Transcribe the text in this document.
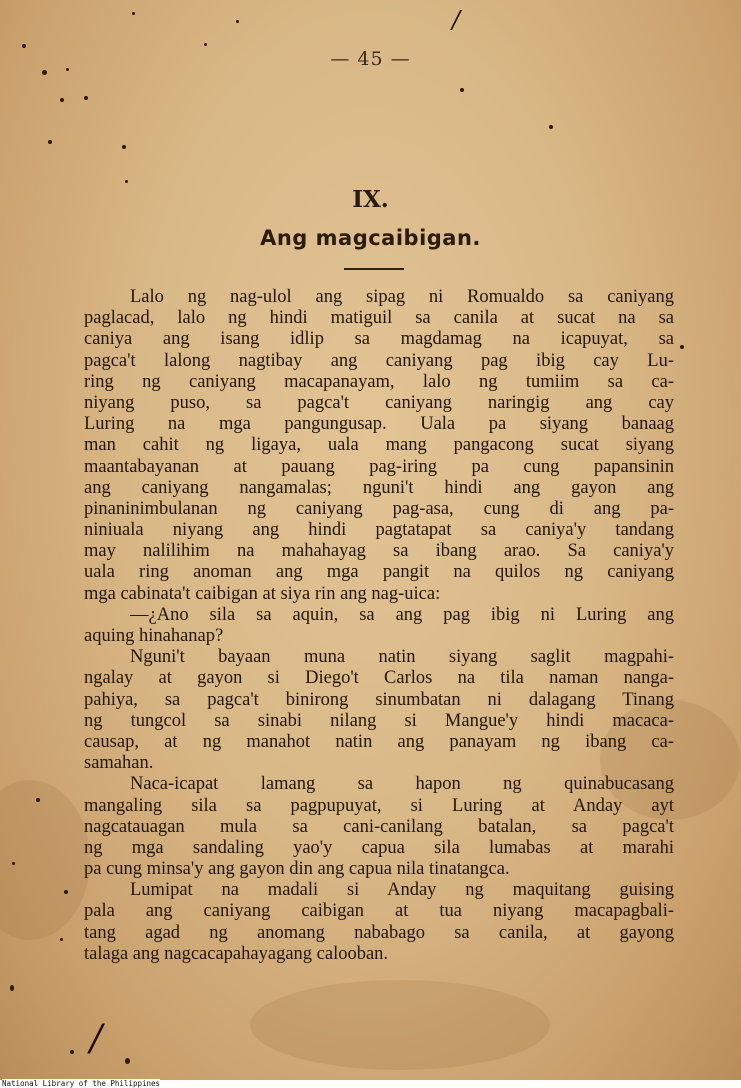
/
/
— 45 —
IX.
Ang magcaibigan.
Lalo ng nag-ulol ang sipag ni Romualdo sa caniyang
paglacad, lalo ng hindi matiguil sa canila at sucat na sa
caniya ang isang idlip sa magdamag na icapuyat, sa
pagca't lalong nagtibay ang caniyang pag ibig cay Lu-
ring ng caniyang macapanayam, lalo ng tumiim sa ca-
niyang puso, sa pagca't caniyang naringig ang cay
Luring na mga pangungusap. Uala pa siyang banaag
man cahit ng ligaya, uala mang pangacong sucat siyang
maantabayanan at pauang pag-iring pa cung papansinin
ang caniyang nangamalas; nguni't hindi ang gayon ang
pinaninimbulanan ng caniyang pag-asa, cung di ang pa-
niniuala niyang ang hindi pagtatapat sa caniya'y tandang
may nalilihim na mahahayag sa ibang arao. Sa caniya'y
uala ring anoman ang mga pangit na quilos ng caniyang
mga cabinata't caibigan at siya rin ang nag-uica:
—¿Ano sila sa aquin, sa ang pag ibig ni Luring ang
aquing hinahanap?
Nguni't bayaan muna natin siyang saglit magpahi-
ngalay at gayon si Diego't Carlos na tila naman nanga-
pahiya, sa pagca't binirong sinumbatan ni dalagang Tinang
ng tungcol sa sinabi nilang si Mangue'y hindi macaca-
causap, at ng manahot natin ang panayam ng ibang ca-
samahan.
Naca-icapat lamang sa hapon ng quinabucasang
mangaling sila sa pagpupuyat, si Luring at Anday ayt
nagcatauagan mula sa cani-canilang batalan, sa pagca't
ng mga sandaling yao'y capua sila lumabas at marahi
pa cung minsa'y ang gayon din ang capua nila tinatangca.
Lumipat na madali si Anday ng maquitang guising
pala ang caniyang caibigan at tua niyang macapagbali-
tang agad ng anomang nababago sa canila, at gayong
talaga ang nagcacapahayagang calooban.
National Library of the Philippines
